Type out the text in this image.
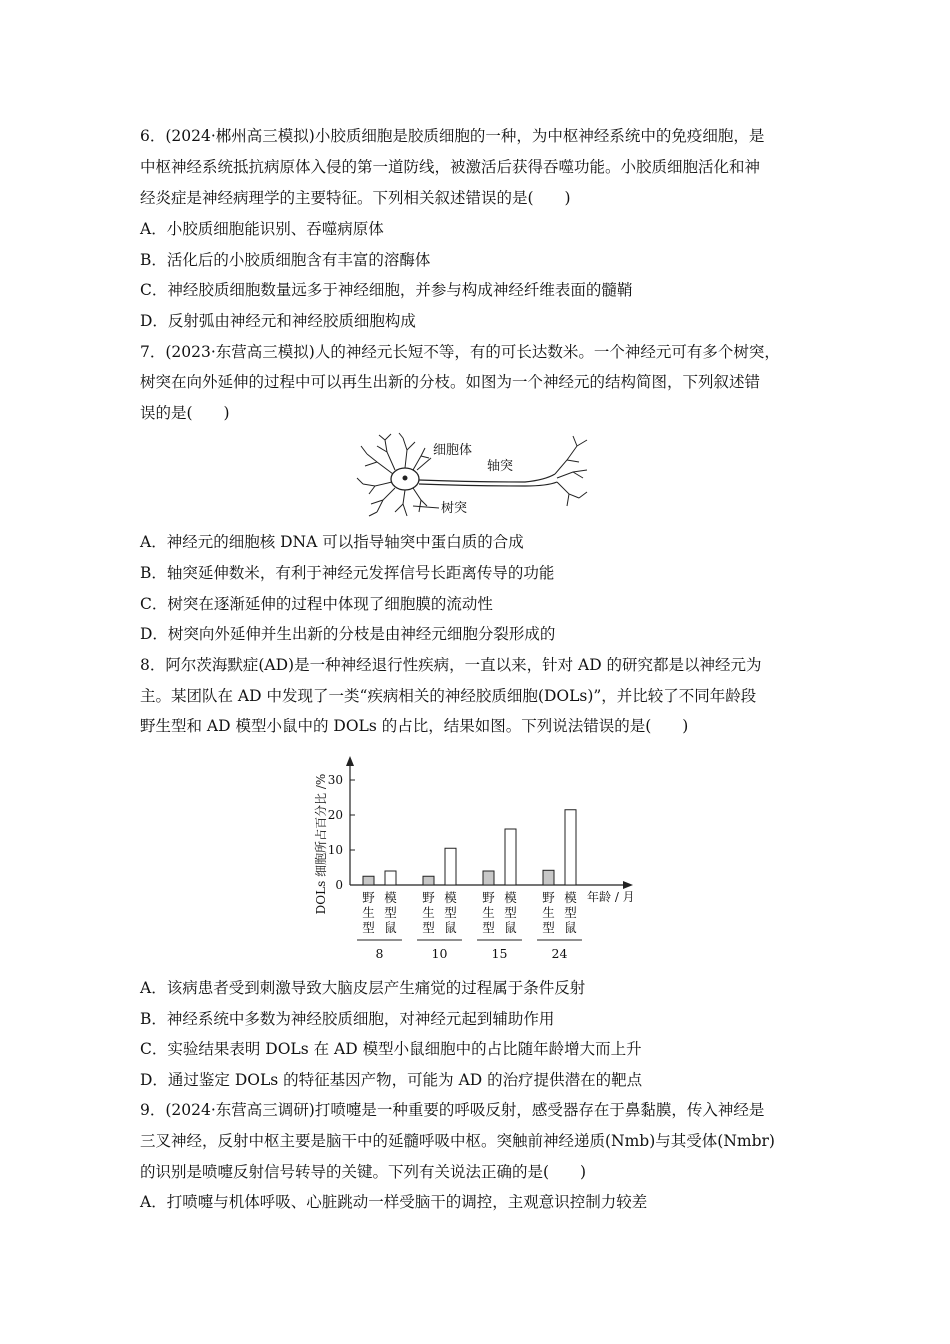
6．(2024·郴州高三模拟)小胶质细胞是胶质细胞的一种，为中枢神经系统中的免疫细胞，是
中枢神经系统抵抗病原体入侵的第一道防线，被激活后获得吞噬功能。小胶质细胞活化和神
经炎症是神经病理学的主要特征。下列相关叙述错误的是(　　)
A．小胶质细胞能识别、吞噬病原体
B．活化后的小胶质细胞含有丰富的溶酶体
C．神经胶质细胞数量远多于神经细胞，并参与构成神经纤维表面的髓鞘
D．反射弧由神经元和神经胶质细胞构成
7．(2023·东营高三模拟)人的神经元长短不等，有的可长达数米。一个神经元可有多个树突，
树突在向外延伸的过程中可以再生出新的分枝。如图为一个神经元的结构简图，下列叙述错
误的是(　　)
细胞体
轴突
树突
A．神经元的细胞核 DNA 可以指导轴突中蛋白质的合成
B．轴突延伸数米，有利于神经元发挥信号长距离传导的功能
C．树突在逐渐延伸的过程中体现了细胞膜的流动性
D．树突向外延伸并生出新的分枝是由神经元细胞分裂形成的
8．阿尔茨海默症(AD)是一种神经退行性疾病，一直以来，针对 AD 的研究都是以神经元为
主。某团队在 AD 中发现了一类“疾病相关的神经胶质细胞(DOLs)”，并比较了不同年龄段
野生型和 AD 模型小鼠中的 DOLs 的占比，结果如图。下列说法错误的是(　　)
DOLs 细胞所占百分比 /%	年龄 / 月
0
10
20
30
野
生
型
模
型
鼠
8
野
生
型
模
型
鼠
10
野
生
型
模
型
鼠
15
野
生
型
模
型
鼠
24
A．该病患者受到刺激导致大脑皮层产生痛觉的过程属于条件反射
B．神经系统中多数为神经胶质细胞，对神经元起到辅助作用
C．实验结果表明 DOLs 在 AD 模型小鼠细胞中的占比随年龄增大而上升
D．通过鉴定 DOLs 的特征基因产物，可能为 AD 的治疗提供潜在的靶点
9．(2024·东营高三调研)打喷嚏是一种重要的呼吸反射，感受器存在于鼻黏膜，传入神经是
三叉神经，反射中枢主要是脑干中的延髓呼吸中枢。突触前神经递质(Nmb)与其受体(Nmbr)
的识别是喷嚏反射信号转导的关键。下列有关说法正确的是(　　)
A．打喷嚏与机体呼吸、心脏跳动一样受脑干的调控，主观意识控制力较差
